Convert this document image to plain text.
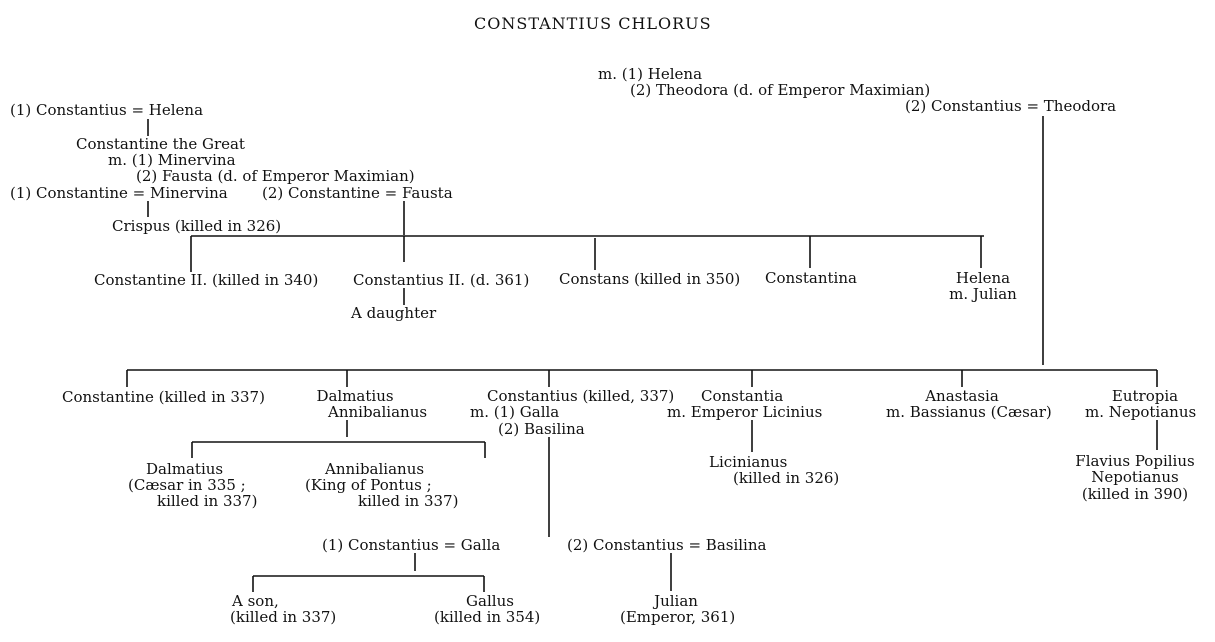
CONSTANTIUS CHLORUS
m. (1) Helena
(2) Theodora (d. of Emperor Maximian)
(1) Constantius = Helena	(2) Constantius = Theodora
Constantine the Great
m. (1) Minervina
(2) Fausta (d. of Emperor Maximian)
(1) Constantine = Minervina (2) Constantine = Fausta
Crispus (killed in 326)
Constantine II. (killed in 340) Constantius II. (d. 361) Constans (killed in 350) Constantina	Helena
m. Julian
A daughter
Constantine (killed in 337)	Dalmatius
Annibalianus
Constantius (killed, 337)
m. (1) Galla
(2) Basilina
Constantia
m. Emperor Licinius
Anastasia
m. Bassianus (Cæsar)
Eutropia
m. Nepotianus
Dalmatius
(Cæsar in 335 ;
killed in 337)
Annibalianus
(King of Pontus ;
killed in 337)
Licinianus
(killed in 326)
Flavius Popilius
Nepotianus
(killed in 390)
(1) Constantius = Galla	(2) Constantius = Basilina
A son,
(killed in 337)
Gallus
(killed in 354)
Julian
(Emperor, 361)
